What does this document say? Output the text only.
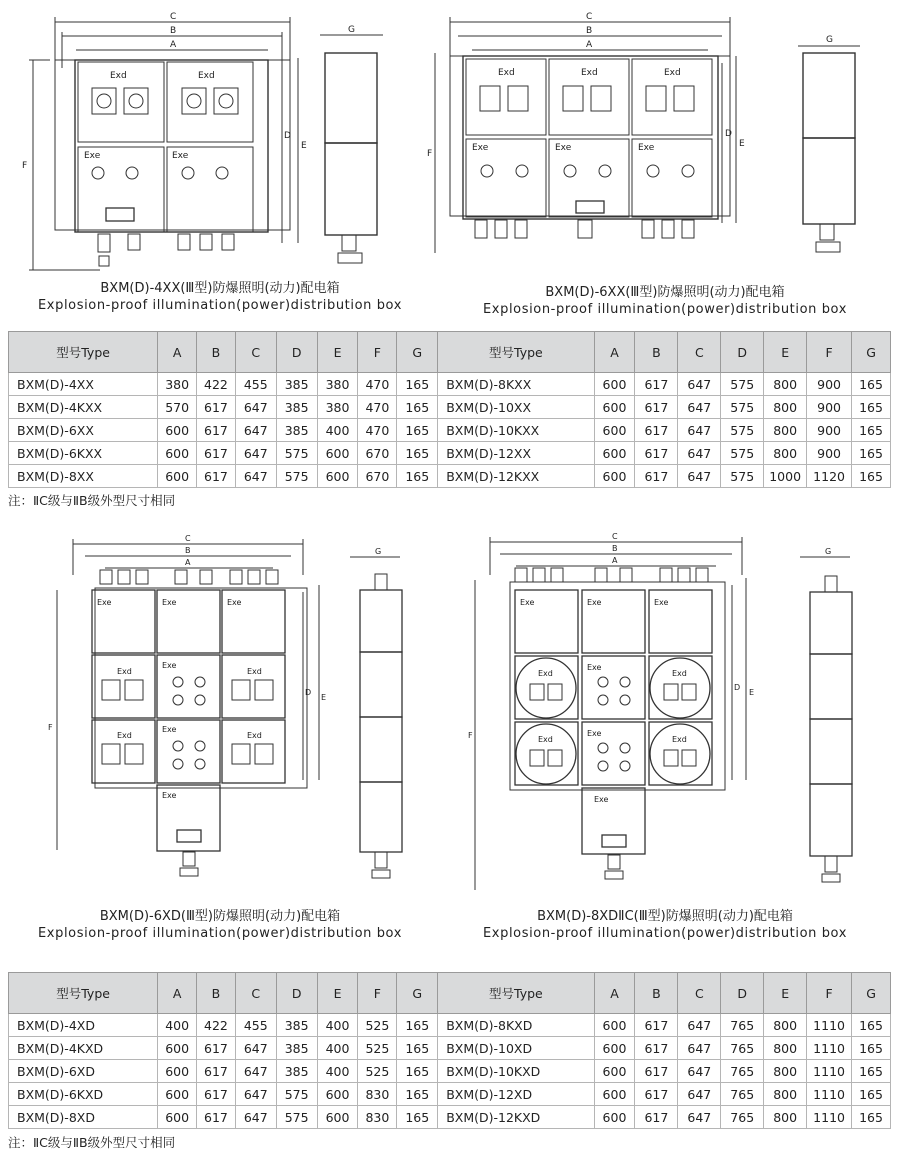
C
B
A
F
D
E
G
Exd	Exd
Exe	Exe
BXM(D)-4XX(Ⅲ型)防爆照明(动力)配电箱
Explosion-proof illumination(power)distribution box
C
B
A
F
D
E
G
Exd	Exd	Exd
Exe	Exe	Exe
BXM(D)-6XX(Ⅲ型)防爆照明(动力)配电箱
Explosion-proof illumination(power)distribution box
型号Type	A	B	C	D	E	F	G	型号Type	A	B	C	D	E	F	G
BXM(D)-4XX	380	422	455	385	380	470	165	BXM(D)-8KXX	600	617	647	575	800	900	165
BXM(D)-4KXX	570	617	647	385	380	470	165	BXM(D)-10XX	600	617	647	575	800	900	165
BXM(D)-6XX	600	617	647	385	400	470	165	BXM(D)-10KXX	600	617	647	575	800	900	165
BXM(D)-6KXX	600	617	647	575	600	670	165	BXM(D)-12XX	600	617	647	575	800	900	165
BXM(D)-8XX	600	617	647	575	600	670	165	BXM(D)-12KXX	600	617	647	575	1000	1120	165
注：ⅡC级与ⅡB级外型尺寸相同
C
B
A
F
D
E
G
Exe	Exe	Exe
Exd
Exe
Exd
Exd
Exe
Exd
Exe
BXM(D)-6XD(Ⅲ型)防爆照明(动力)配电箱
Explosion-proof illumination(power)distribution box
C
B
A
F
D
E
G
Exe	Exe	Exe
Exd
Exe
Exd
Exd
Exe
Exd
Exe
BXM(D)-8XDⅡC(Ⅲ型)防爆照明(动力)配电箱
Explosion-proof illumination(power)distribution box
型号Type	A	B	C	D	E	F	G	型号Type	A	B	C	D	E	F	G
BXM(D)-4XD	400	422	455	385	400	525	165	BXM(D)-8KXD	600	617	647	765	800	1110	165
BXM(D)-4KXD	600	617	647	385	400	525	165	BXM(D)-10XD	600	617	647	765	800	1110	165
BXM(D)-6XD	600	617	647	385	400	525	165	BXM(D)-10KXD	600	617	647	765	800	1110	165
BXM(D)-6KXD	600	617	647	575	600	830	165	BXM(D)-12XD	600	617	647	765	800	1110	165
BXM(D)-8XD	600	617	647	575	600	830	165	BXM(D)-12KXD	600	617	647	765	800	1110	165
注：ⅡC级与ⅡB级外型尺寸相同
